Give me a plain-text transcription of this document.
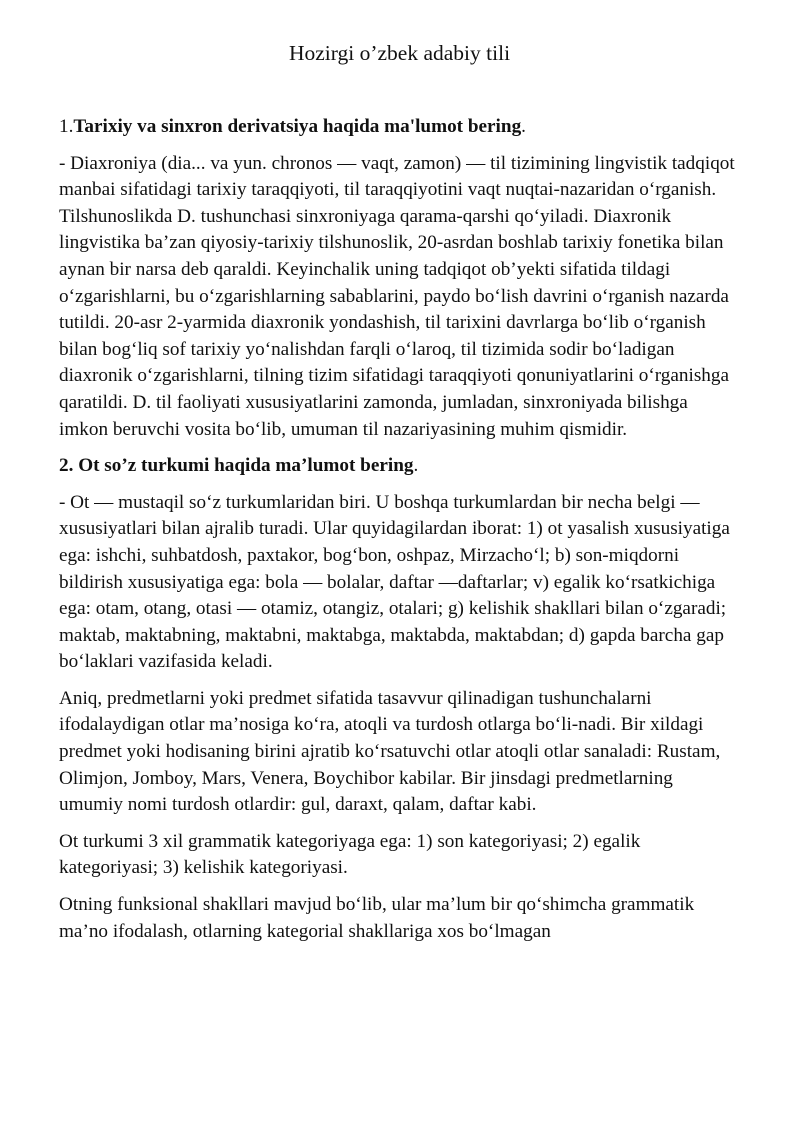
Hozirgi o’zbek adabiy tili
1.Tarixiy va sinxron derivatsiya haqida ma'lumot bering.

- Diaxroniya (dia... va yun. chronos — vaqt, zamon) — til tizimining lingvistik tadqiqot manbai sifatidagi tarixiy taraqqiyoti, til taraqqiyotini vaqt nuqtai-nazaridan oʻrganish. Tilshunoslikda D. tushunchasi sinxroniyaga qarama-qarshi qoʻyiladi. Diaxronik lingvistika ba’zan qiyosiy-tarixiy tilshunoslik, 20-asrdan boshlab tarixiy fonetika bilan aynan bir narsa deb qaraldi. Keyinchalik uning tadqiqot ob’yekti sifatida tildagi oʻzgarishlarni, bu oʻzgarishlarning sabablarini, paydo boʻlish davrini oʻrganish nazarda tutildi. 20-asr 2-yarmida diaxronik yondashish, til tarixini davrlarga boʻlib oʻrganish bilan bogʻliq sof tarixiy yoʻnalishdan farqli oʻlaroq, til tizimida sodir boʻladigan diaxronik oʻzgarishlarni, tilning tizim sifatidagi taraqqiyoti qonuniyatlarini oʻrganishga qaratildi. D. til faoliyati xususiyatlarini zamonda, jumladan, sinxroniyada bilishga imkon beruvchi vosita boʻlib, umuman til nazariyasining muhim qismidir.

2. Ot so’z turkumi haqida ma’lumot bering.

- Ot — mustaqil soʻz turkumlaridan biri. U boshqa turkumlardan bir necha belgi — xususiyatlari bilan ajralib turadi. Ular quyidagilardan iborat: 1) ot yasalish xususiyatiga ega: ishchi, suhbatdosh, paxtakor, bogʻbon, oshpaz, Mirzachoʻl; b) son-miqdorni bildirish xususiyatiga ega: bola — bolalar, daftar —daftarlar; v) egalik koʻrsatkichiga ega: otam, otang, otasi — otamiz, otangiz, otalari; g) kelishik shakllari bilan oʻzgaradi; maktab, maktabning, maktabni, maktabga, maktabda, maktabdan; d) gapda barcha gap boʻlaklari vazifasida keladi.

Aniq, predmetlarni yoki predmet sifatida tasavvur qilinadigan tushunchalarni ifodalaydigan otlar ma’nosiga koʻra, atoqli va turdosh otlarga boʻli-nadi. Bir xildagi predmet yoki hodisaning birini ajratib koʻrsatuvchi otlar atoqli otlar sanaladi: Rustam, Olimjon, Jomboy, Mars, Venera, Boychibor kabilar. Bir jinsdagi predmetlarning umumiy nomi turdosh otlardir: gul, daraxt, qalam, daftar kabi.

Ot turkumi 3 xil grammatik kategoriyaga ega: 1) son kategoriyasi; 2) egalik kategoriyasi; 3) kelishik kategoriyasi.

Otning funksional shakllari mavjud boʻlib, ular ma’lum bir qoʻshimcha grammatik ma’no ifodalash, otlarning kategorial shakllariga xos boʻlmagan
